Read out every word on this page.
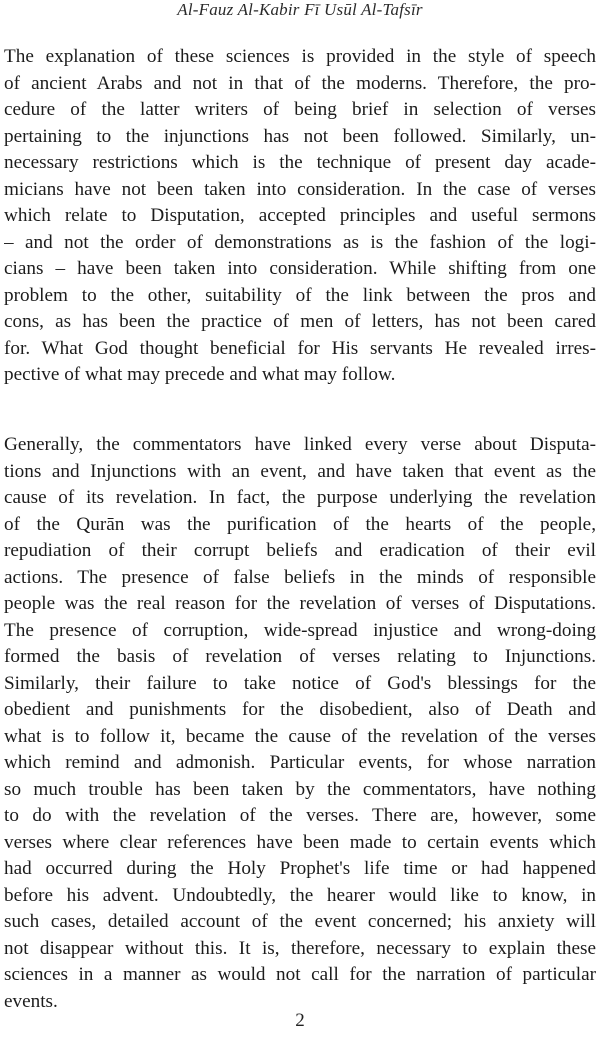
Al-Fauz Al-Kabir Fī Usūl Al-Tafsīr
The explanation of these sciences is provided in the style of speech
of ancient Arabs and not in that of the moderns. Therefore, the pro-
cedure of the latter writers of being brief in selection of verses
pertaining to the injunctions has not been followed. Similarly, un-
necessary restrictions which is the technique of present day acade-
micians have not been taken into consideration. In the case of verses
which relate to Disputation, accepted principles and useful sermons
– and not the order of demonstrations as is the fashion of the logi-
cians – have been taken into consideration. While shifting from one
problem to the other, suitability of the link between the pros and
cons, as has been the practice of men of letters, has not been cared
for. What God thought beneficial for His servants He revealed irres-
pective of what may precede and what may follow.
Generally, the commentators have linked every verse about Disputa-
tions and Injunctions with an event, and have taken that event as the
cause of its revelation. In fact, the purpose underlying the revelation
of the Qurān was the purification of the hearts of the people,
repudiation of their corrupt beliefs and eradication of their evil
actions. The presence of false beliefs in the minds of responsible
people was the real reason for the revelation of verses of Disputations.
The presence of corruption, wide-spread injustice and wrong-doing
formed the basis of revelation of verses relating to Injunctions.
Similarly, their failure to take notice of God's blessings for the
obedient and punishments for the disobedient, also of Death and
what is to follow it, became the cause of the revelation of the verses
which remind and admonish. Particular events, for whose narration
so much trouble has been taken by the commentators, have nothing
to do with the revelation of the verses. There are, however, some
verses where clear references have been made to certain events which
had occurred during the Holy Prophet's life time or had happened
before his advent. Undoubtedly, the hearer would like to know, in
such cases, detailed account of the event concerned; his anxiety will
not disappear without this. It is, therefore, necessary to explain these
sciences in a manner as would not call for the narration of particular
events.
2
